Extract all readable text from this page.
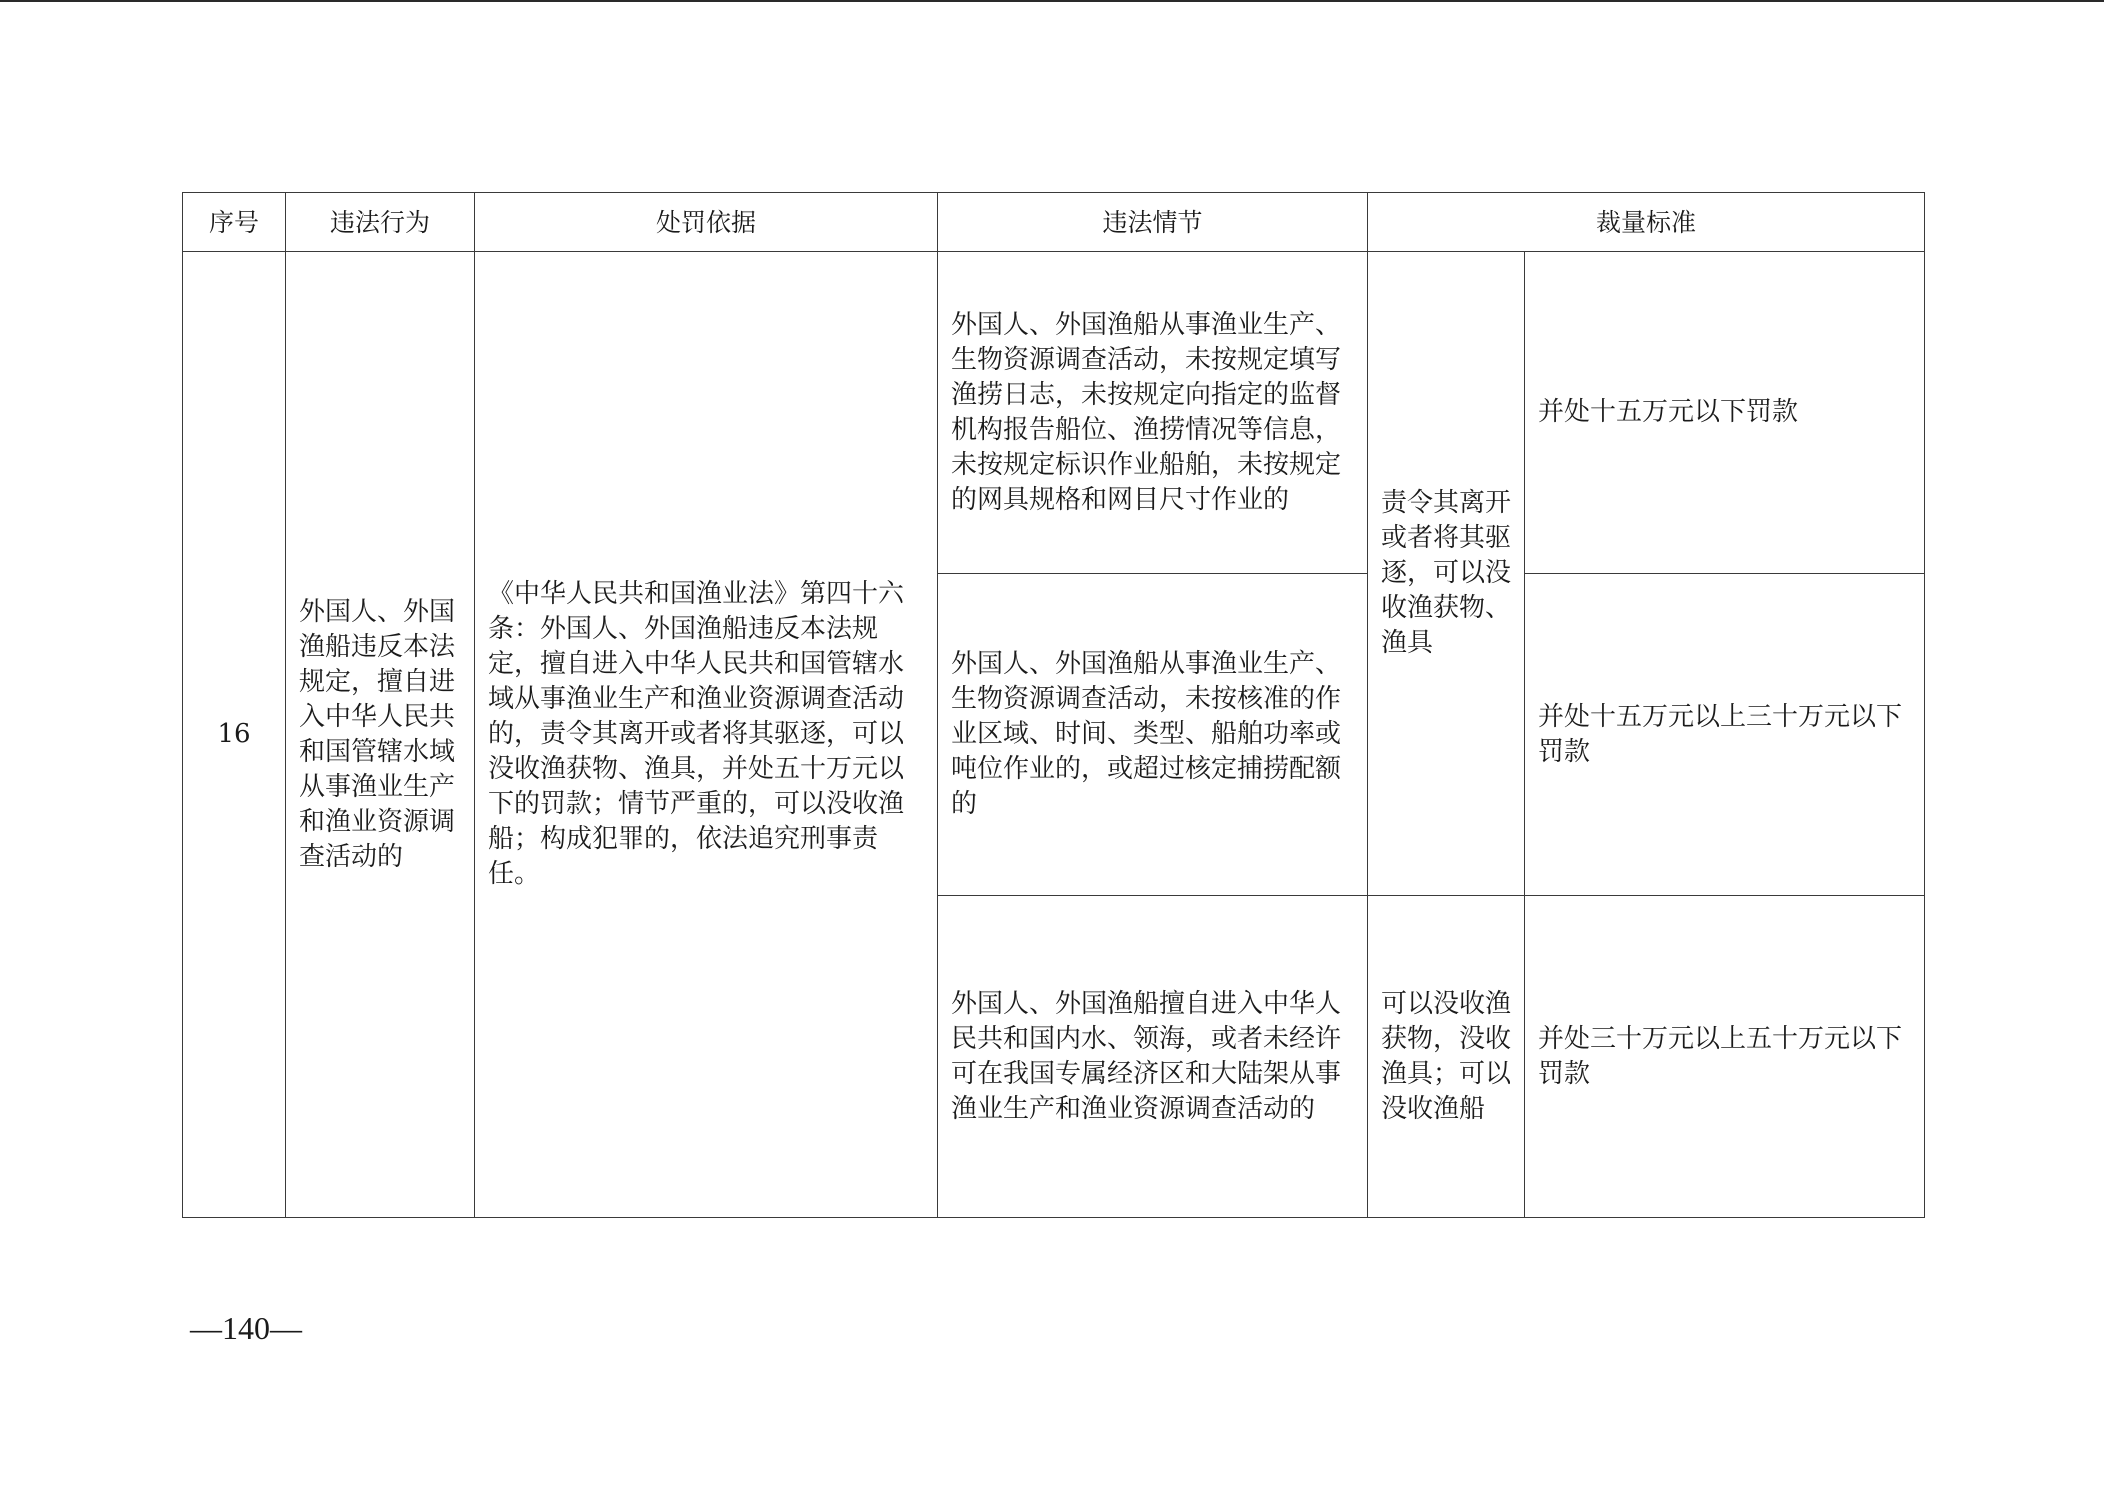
序号	违法行为	处罚依据	违法情节	裁量标准	
16	外国人、外国渔船违反本法规定，擅自进入中华人民共和国管辖水域从事渔业生产和渔业资源调查活动的	《中华人民共和国渔业法》第四十六条：外国人、外国渔船违反本法规定，擅自进入中华人民共和国管辖水域从事渔业生产和渔业资源调查活动的，责令其离开或者将其驱逐，可以没收渔获物、渔具，并处五十万元以下的罚款；情节严重的，可以没收渔船；构成犯罪的，依法追究刑事责任。	外国人、外国渔船从事渔业生产、生物资源调查活动，未按规定填写渔捞日志，未按规定向指定的监督机构报告船位、渔捞情况等信息，未按规定标识作业船舶，未按规定的网具规格和网目尺寸作业的	责令其离开或者将其驱逐，可以没收渔获物、渔具	并处十五万元以下罚款
			外国人、外国渔船从事渔业生产、生物资源调查活动，未按核准的作业区域、时间、类型、船舶功率或吨位作业的，或超过核定捕捞配额的		并处十五万元以上三十万元以下罚款
			外国人、外国渔船擅自进入中华人民共和国内水、领海，或者未经许可在我国专属经济区和大陆架从事渔业生产和渔业资源调查活动的	可以没收渔获物，没收渔具；可以没收渔船	并处三十万元以上五十万元以下罚款
—140—
